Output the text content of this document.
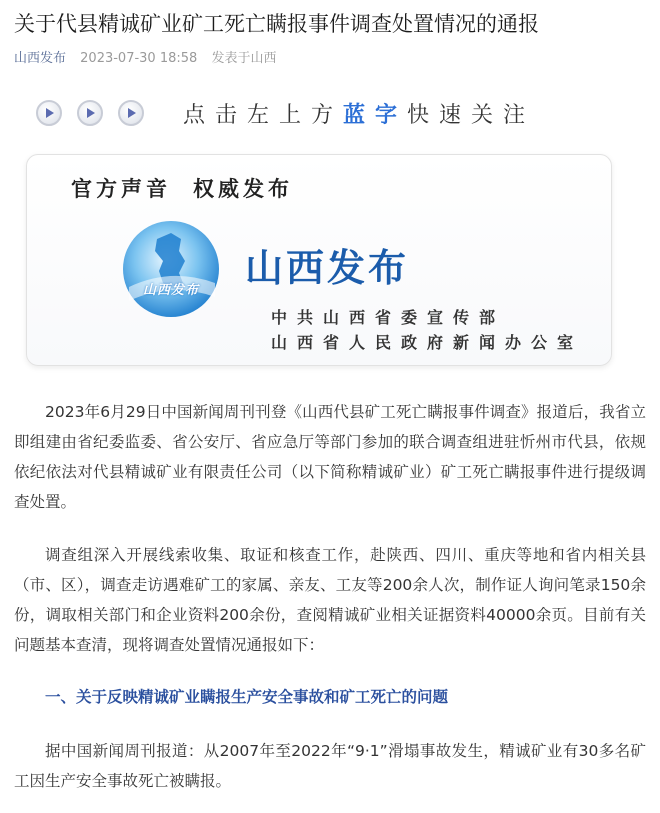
关于代县精诚矿业矿工死亡瞒报事件调查处置情况的通报
山西发布 2023-07-30 18:58 发表于山西
点击左上方蓝字快速关注
官方声音 权威发布
山西发布
山西发布
中共山西省委宣传部
山西省人民政府新闻办公室

2023年6月29日中国新闻周刊刊登《山西代县矿工死亡瞒报事件调查》报道后，我省立即组建由省纪委监委、省公安厅、省应急厅等部门参加的联合调查组进驻忻州市代县，依规依纪依法对代县精诚矿业有限责任公司（以下简称精诚矿业）矿工死亡瞒报事件进行提级调查处置。

调查组深入开展线索收集、取证和核查工作，赴陕西、四川、重庆等地和省内相关县（市、区），调查走访遇难矿工的家属、亲友、工友等200余人次，制作证人询问笔录150余份，调取相关部门和企业资料200余份，查阅精诚矿业相关证据资料40000余页。目前有关问题基本查清，现将调查处置情况通报如下：

一、关于反映精诚矿业瞒报生产安全事故和矿工死亡的问题

据中国新闻周刊报道：从2007年至2022年“9·1”滑塌事故发生，精诚矿业有30多名矿工因生产安全事故死亡被瞒报。
